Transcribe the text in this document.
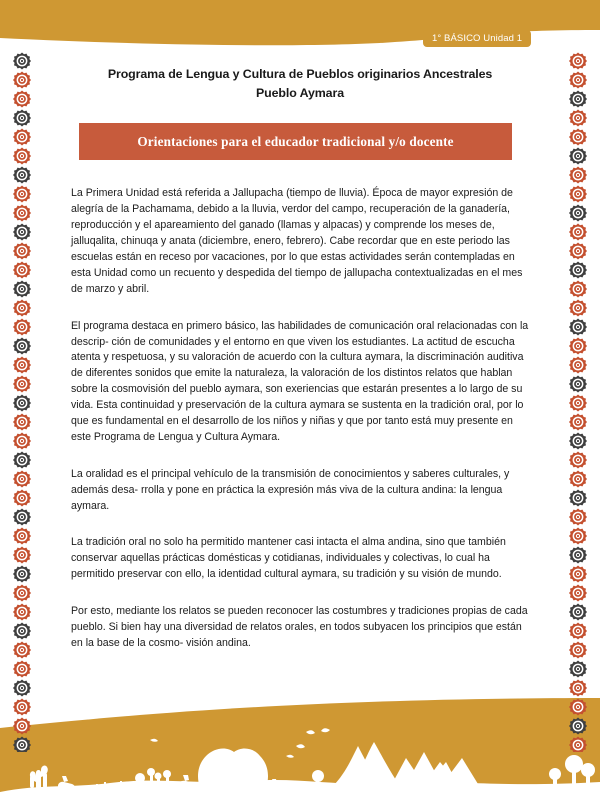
1° BÁSICO Unidad 1
Programa de Lengua y Cultura de Pueblos originarios Ancestrales
Pueblo Aymara
Orientaciones para el educador tradicional y/o docente

La Primera Unidad está referida a Jallupacha (tiempo de lluvia). Época de mayor expresión de alegría de la Pachamama, debido a la lluvia, verdor del campo, recuperación de la ganadería, reproducción y el apareamiento del ganado (llamas y alpacas) y comprende los meses de, jalluqalita, chinuqa y anata (diciembre, enero, febrero). Cabe recordar que en este periodo las escuelas están en receso por vacaciones, por lo que estas actividades serán contempladas en esta Unidad como un recuento y despedida del tiempo de jallupacha contextualizadas en el mes de marzo y abril.

El programa destaca en primero básico, las habilidades de comunicación oral relacionadas con la descrip- ción de comunidades y el entorno en que viven los estudiantes. La actitud de escucha atenta y respetuosa, y su valoración de acuerdo con la cultura aymara, la discriminación auditiva de diferentes sonidos que emite la naturaleza, la valoración de los distintos relatos que hablan sobre la cosmovisión del pueblo aymara, son exeriencias que estarán presentes a lo largo de su vida. Esta continuidad y preservación de la cultura aymara se sustenta en la tradición oral, por lo que es fundamental en el desarrollo de los niños y niñas y que por tanto está muy presente en este Programa de Lengua y Cultura Aymara.

La oralidad es el principal vehículo de la transmisión de conocimientos y saberes culturales, y además desa- rrolla y pone en práctica la expresión más viva de la cultura andina: la lengua aymara.

La tradición oral no solo ha permitido mantener casi intacta el alma andina, sino que también conservar aquellas prácticas domésticas y cotidianas, individuales y colectivas, lo cual ha permitido preservar con ello, la identidad cultural aymara, su tradición y su visión de mundo.

Por esto, mediante los relatos se pueden reconocer las costumbres y tradiciones propias de cada pueblo. Si bien hay una diversidad de relatos orales, en todos subyacen los principios que están en la base de la cosmo- visión andina.
